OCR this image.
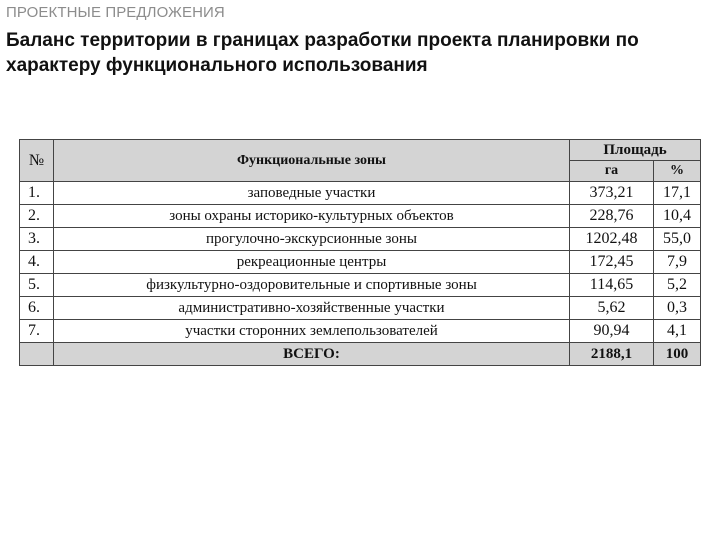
ПРОЕКТНЫЕ ПРЕДЛОЖЕНИЯ
Баланс территории в границах разработки проекта планировки по характеру функционального использования
№	Функциональные зоны	Площадь	
		га	%
1.	заповедные участки	373,21	17,1
2.	зоны охраны историко-культурных объектов	228,76	10,4
3.	прогулочно-экскурсионные зоны	1202,48	55,0
4.	рекреационные центры	172,45	7,9
5.	физкультурно-оздоровительные и спортивные зоны	114,65	5,2
6.	административно-хозяйственные участки	5,62	0,3
7.	участки сторонних землепользователей	90,94	4,1
	ВСЕГО:	2188,1	100
